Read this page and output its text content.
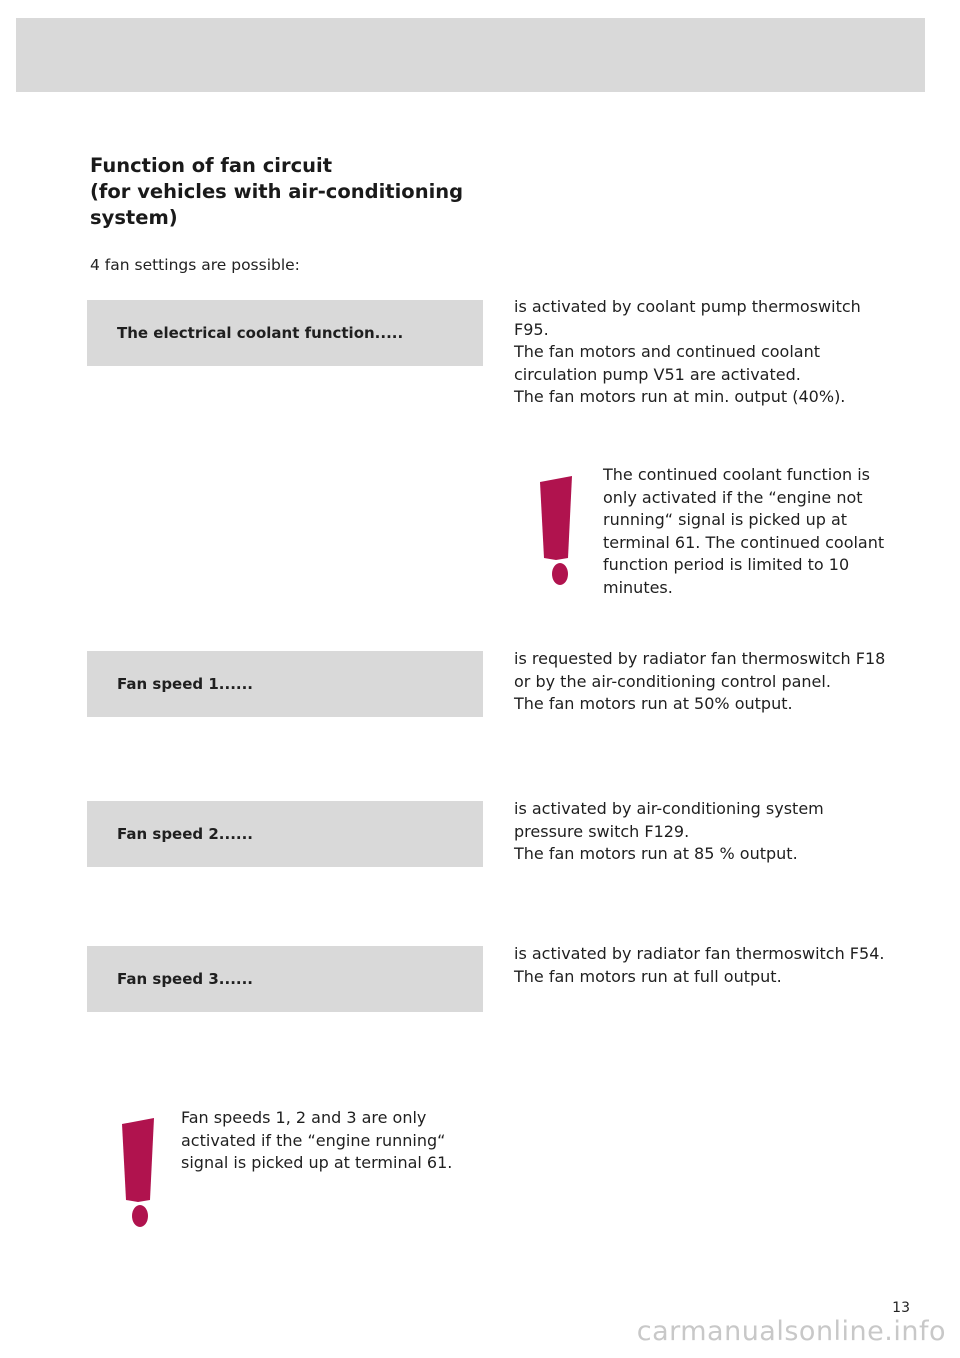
Function of fan circuit
(for vehicles with air-conditioning
system)
4 fan settings are possible:
The electrical coolant function.....
is activated by coolant pump thermoswitch
F95.
The fan motors and continued coolant
circulation pump V51 are activated.
The fan motors run at min. output (40%).
The continued coolant function is
only activated if the “engine not
running“ signal is picked up at
terminal 61. The continued coolant
function period is limited to 10
minutes.
Fan speed 1......
is requested by radiator fan thermoswitch F18
or by the air-conditioning control panel.
The fan motors run at 50% output.
Fan speed 2......
is activated by air-conditioning system
pressure switch F129.
The fan motors run at 85 % output.
Fan speed 3......
is activated by radiator fan thermoswitch F54.
The fan motors run at full output.
Fan speeds 1, 2 and 3 are only
activated if the “engine running“
signal is picked up at terminal 61.
13
carmanualsonline.info
